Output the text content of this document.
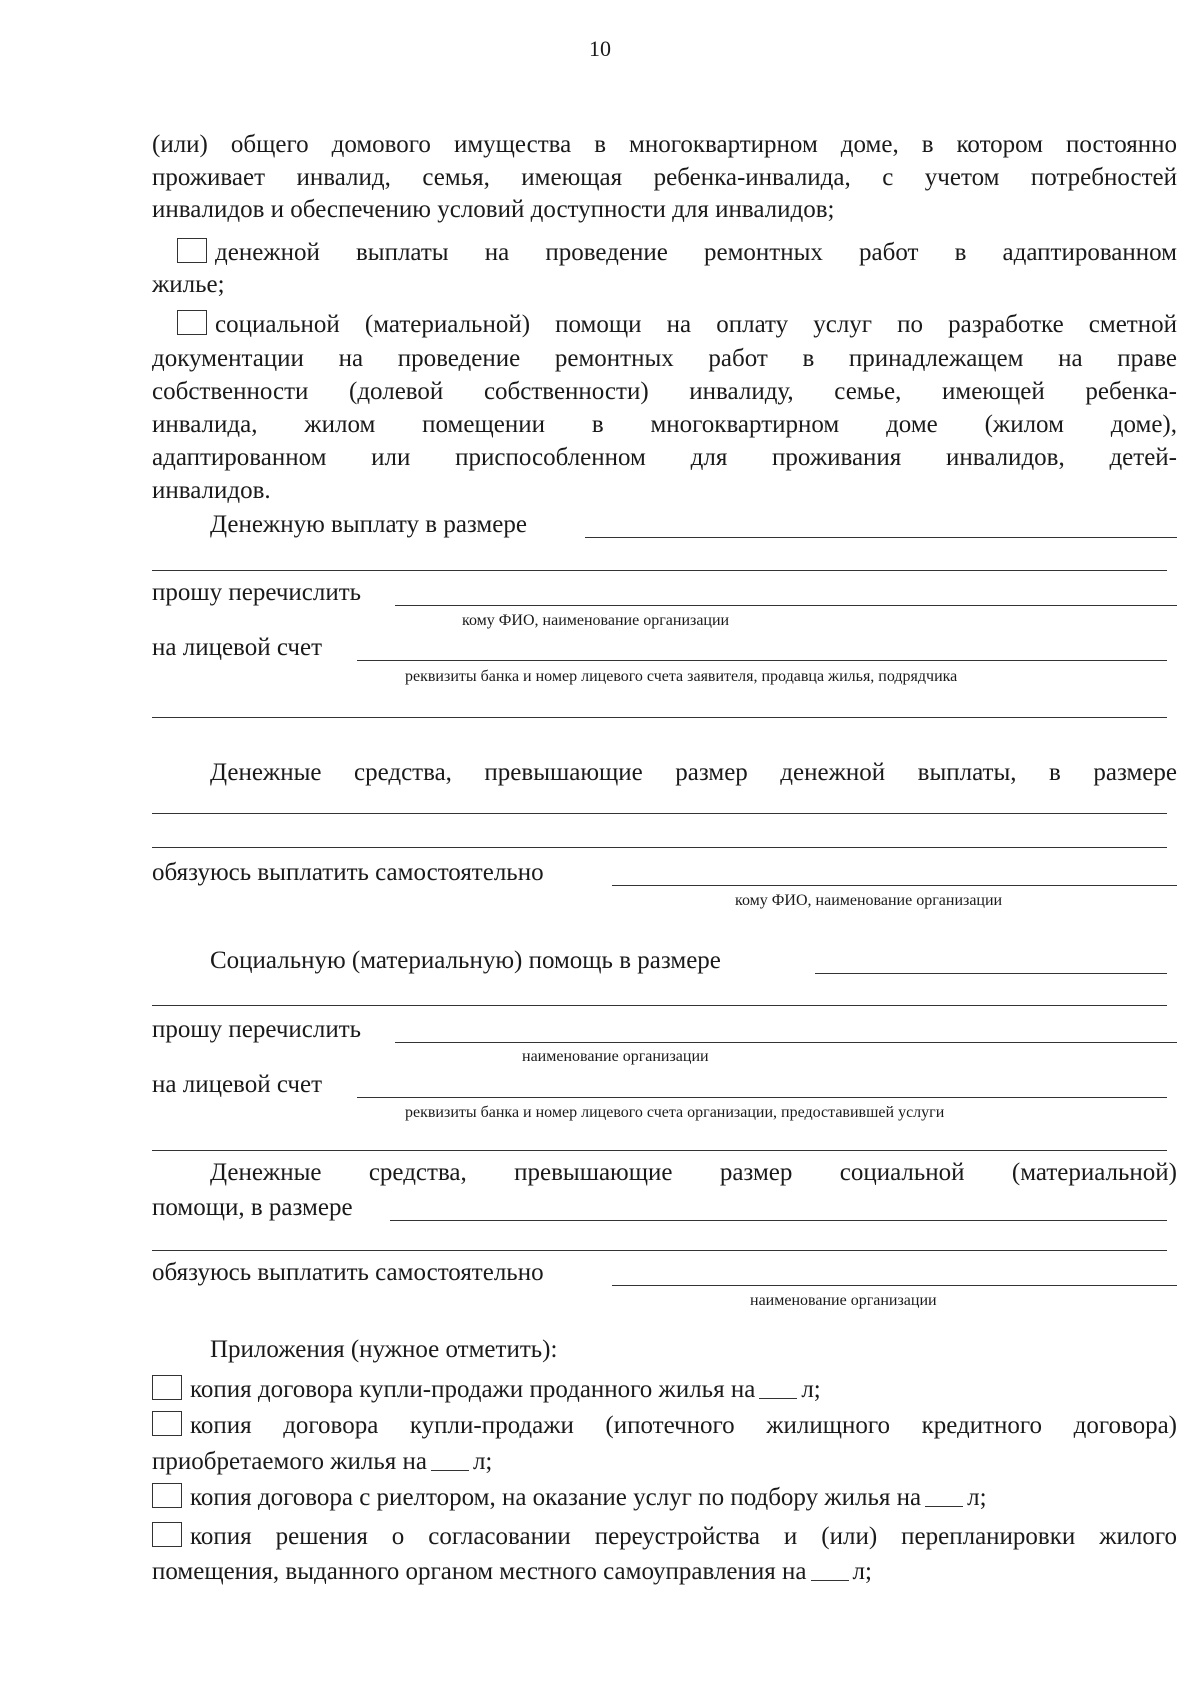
10
(или) общего домового имущества в многоквартирном доме, в котором постоянно
проживает инвалид, семья, имеющая ребенка-инвалида, с учетом потребностей
инвалидов и обеспечению условий доступности для инвалидов;
денежной выплаты на проведение ремонтных работ в адаптированном
жилье;
социальной (материальной) помощи на оплату услуг по разработке сметной
документации на проведение ремонтных работ в принадлежащем на праве
собственности (долевой собственности) инвалиду, семье, имеющей ребенка-
инвалида, жилом помещении в многоквартирном доме (жилом доме),
адаптированном или приспособленном для проживания инвалидов, детей-
инвалидов.
Денежную выплату в размере
прошу перечислить
кому ФИО, наименование организации
на лицевой счет
реквизиты банка и номер лицевого счета заявителя, продавца жилья, подрядчика
Денежные средства, превышающие размер денежной выплаты, в размере
обязуюсь выплатить самостоятельно
кому ФИО, наименование организации
Социальную (материальную) помощь в размере
прошу перечислить
наименование организации
на лицевой счет
реквизиты банка и номер лицевого счета организации, предоставившей услуги
Денежные средства, превышающие размер социальной (материальной)
помощи, в размере
обязуюсь выплатить самостоятельно
наименование организации
Приложения (нужное отметить):
копия договора купли-продажи проданного жилья на л;
копия договора купли-продажи (ипотечного жилищного кредитного договора)
приобретаемого жилья на л;
копия договора с риелтором, на оказание услуг по подбору жилья на л;
копия решения о согласовании переустройства и (или) перепланировки жилого
помещения, выданного органом местного самоуправления на л;
